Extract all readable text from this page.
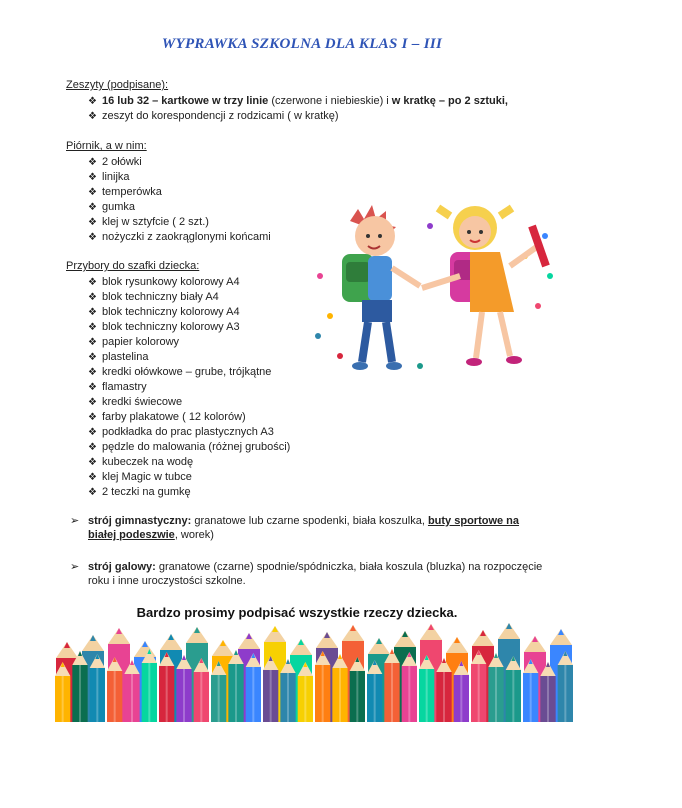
WYPRAWKA SZKOLNA DLA KLAS I – III
Zeszyty (podpisane):
❖ 16 lub 32 – kartkowe w trzy linie (czerwone i niebieskie) i w kratkę – po 2 sztuki,
❖ zeszyt do korespondencji z rodzicami ( w kratkę)
Piórnik, a w nim:
❖ 2 ołówki
❖ linijka
❖ temperówka
❖ gumka
❖ klej w sztyfcie ( 2 szt.)
❖ nożyczki z zaokrąglonymi końcami
Przybory do szafki dziecka:
❖ blok rysunkowy kolorowy A4
❖ blok techniczny biały A4
❖ blok techniczny kolorowy A4
❖ blok techniczny kolorowy A3
❖ papier kolorowy
❖ plastelina
❖ kredki ołówkowe – grube, trójkątne
❖ flamastry
❖ kredki świecowe
❖ farby plakatowe ( 12 kolorów)
❖ podkładka do prac plastycznych A3
❖ pędzle do malowania (różnej grubości)
❖ kubeczek na wodę
❖ klej Magic w tubce
❖ 2 teczki na gumkę
➢ strój gimnastyczny: granatowe lub czarne spodenki, biała koszulka, buty sportowe na białej podeszwie, worek)
➢ strój galowy: granatowe (czarne) spodnie/spódniczka, biała koszula (bluzka) na rozpoczęcie roku i inne uroczystości szkolne.
Bardzo prosimy podpisać wszystkie rzeczy dziecka.
